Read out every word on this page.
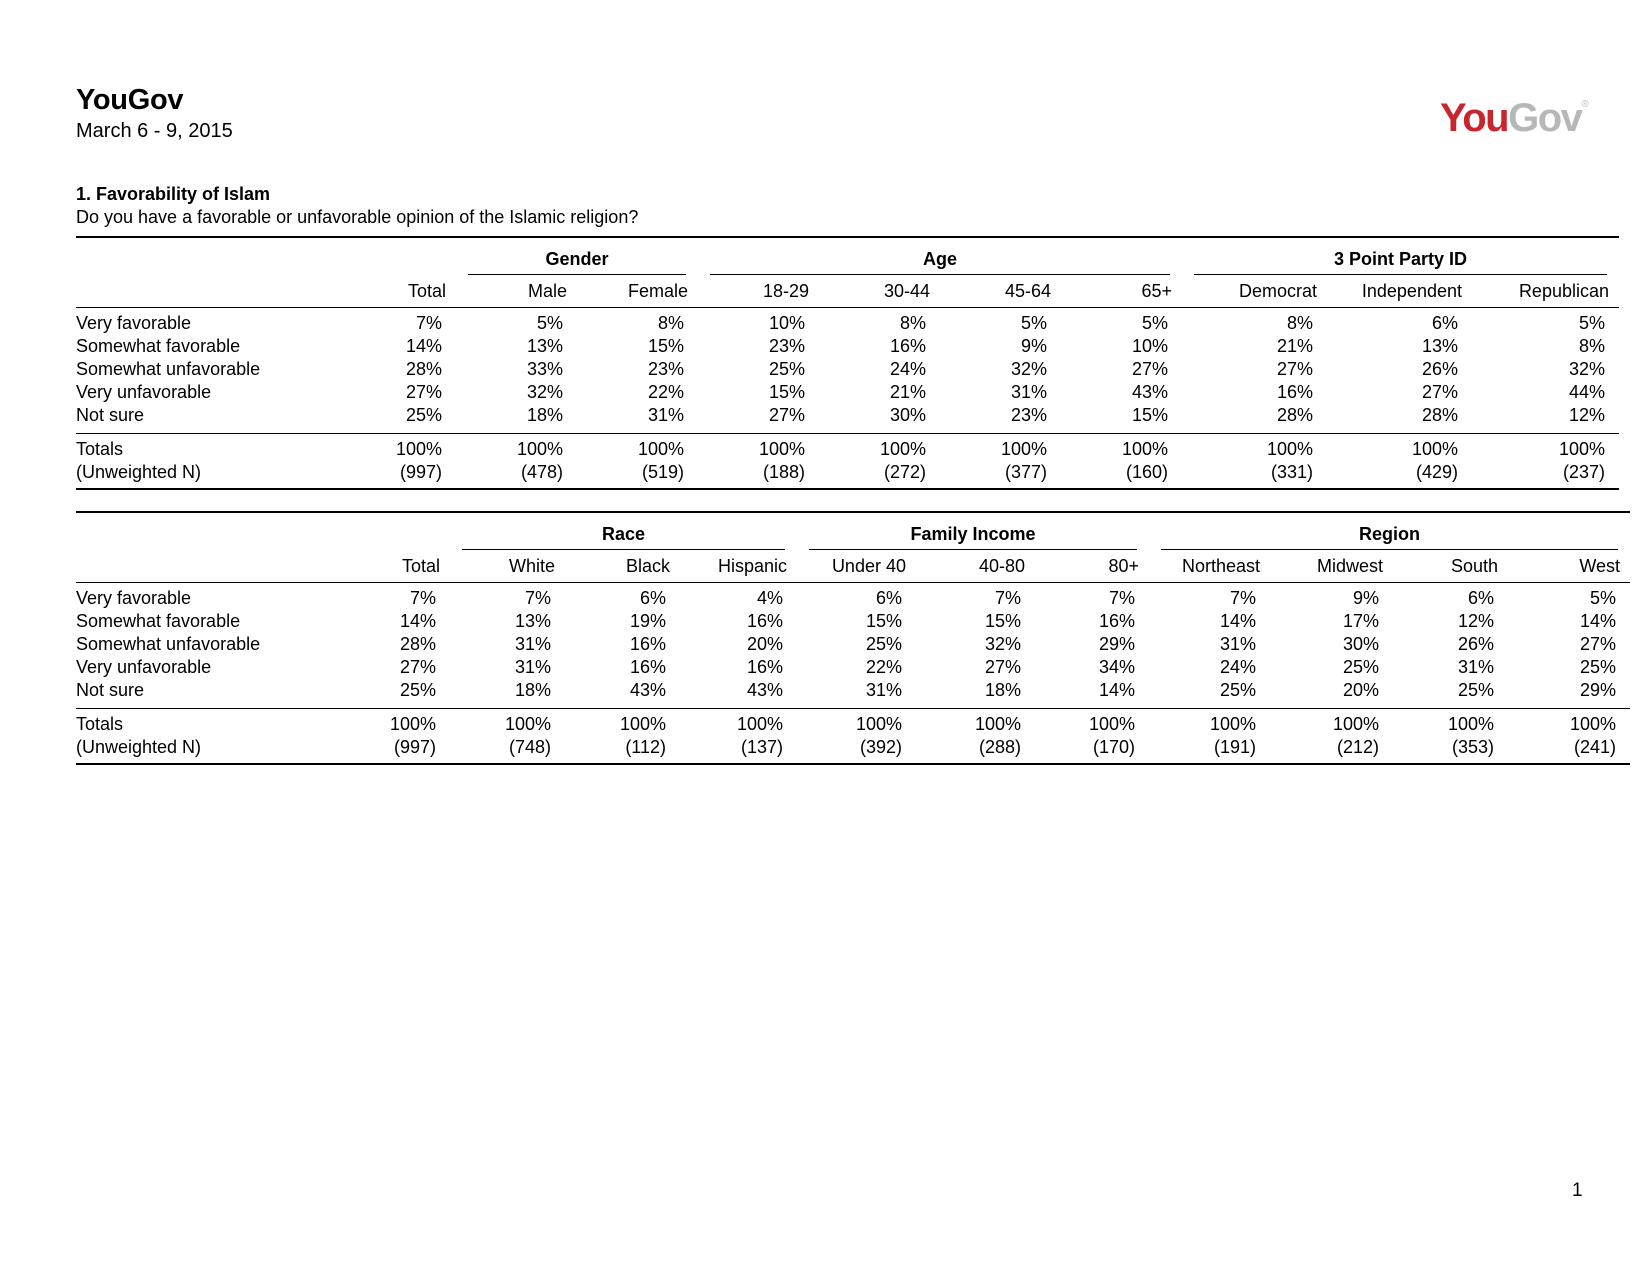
YouGov
March 6 - 9, 2015	YouGov®
1. Favorability of Islam
Do you have a favorable or unfavorable opinion of the Islamic religion?

		Gender		Age				3 Point Party ID		

	Total	Male	Female	18-29	30-44	45-64	65+	Democrat	Independent	Republican

Very favorable	7%	5%	8%	10%	8%	5%	5%	8%	6%	5%
Somewhat favorable	14%	13%	15%	23%	16%	9%	10%	21%	13%	8%
Somewhat unfavorable	28%	33%	23%	25%	24%	32%	27%	27%	26%	32%
Very unfavorable	27%	32%	22%	15%	21%	31%	43%	16%	27%	44%
Not sure	25%	18%	31%	27%	30%	23%	15%	28%	28%	12%

Totals	100%	100%	100%	100%	100%	100%	100%	100%	100%	100%
(Unweighted N)	(997)	(478)	(519)	(188)	(272)	(377)	(160)	(331)	(429)	(237)

		Race			Family Income			Region			

	Total	White	Black	Hispanic	Under 40	40-80	80+	Northeast	Midwest	South	West

Very favorable	7%	7%	6%	4%	6%	7%	7%	7%	9%	6%	5%
Somewhat favorable	14%	13%	19%	16%	15%	15%	16%	14%	17%	12%	14%
Somewhat unfavorable	28%	31%	16%	20%	25%	32%	29%	31%	30%	26%	27%
Very unfavorable	27%	31%	16%	16%	22%	27%	34%	24%	25%	31%	25%
Not sure	25%	18%	43%	43%	31%	18%	14%	25%	20%	25%	29%

Totals	100%	100%	100%	100%	100%	100%	100%	100%	100%	100%	100%
(Unweighted N)	(997)	(748)	(112)	(137)	(392)	(288)	(170)	(191)	(212)	(353)	(241)
1
